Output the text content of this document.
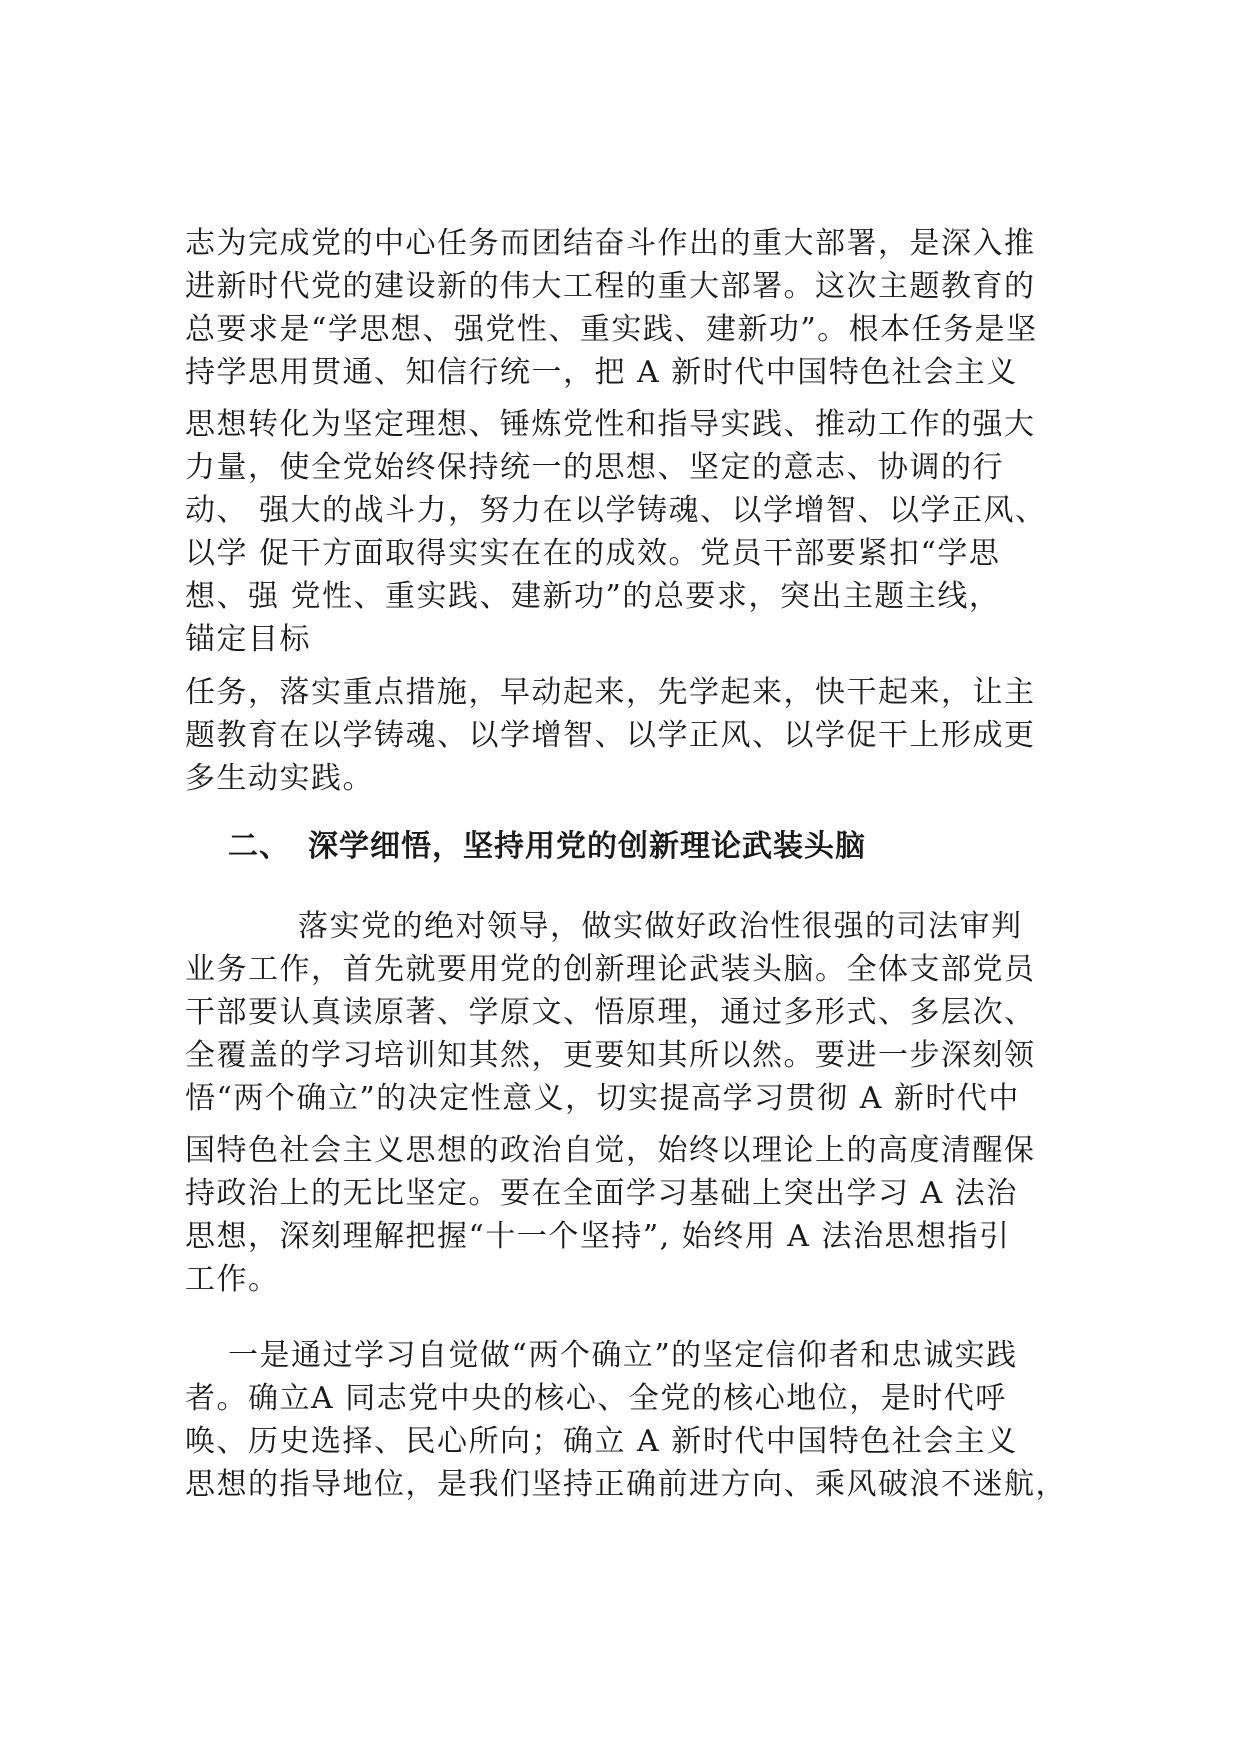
志为完成党的中心任务而团结奋斗作出的重大部署，是深入推
进新时代党的建设新的伟大工程的重大部署。这次主题教育的
总要求是“学思想、强党性、重实践、建新功”。根本任务是坚
持学思用贯通、知信行统一，把 A 新时代中国特色社会主义
思想转化为坚定理想、锤炼党性和指导实践、推动工作的强大
力量，使全党始终保持统一的思想、坚定的意志、协调的行
动、 强大的战斗力，努力在以学铸魂、以学增智、以学正风、
以学 促干方面取得实实在在的成效。党员干部要紧扣“学思
想、强 党性、重实践、建新功”的总要求，突出主题主线，
锚定目标
任务，落实重点措施，早动起来，先学起来，快干起来，让主
题教育在以学铸魂、以学增智、以学正风、以学促干上形成更
多生动实践。
二、 深学细悟，坚持用党的创新理论武装头脑
落实党的绝对领导，做实做好政治性很强的司法审判
业务工作，首先就要用党的创新理论武装头脑。全体支部党员
干部要认真读原著、学原文、悟原理，通过多形式、多层次、
全覆盖的学习培训知其然，更要知其所以然。要进一步深刻领
悟“两个确立”的决定性意义，切实提高学习贯彻 A 新时代中
国特色社会主义思想的政治自觉，始终以理论上的高度清醒保
持政治上的无比坚定。要在全面学习基础上突出学习 A 法治
思想，深刻理解把握“十一个坚持”, 始终用 A 法治思想指引
工作。
一是通过学习自觉做“两个确立”的坚定信仰者和忠诚实践
者。确立A 同志党中央的核心、全党的核心地位，是时代呼
唤、历史选择、民心所向；确立 A 新时代中国特色社会主义
思想的指导地位，是我们坚持正确前进方向、乘风破浪不迷航，
